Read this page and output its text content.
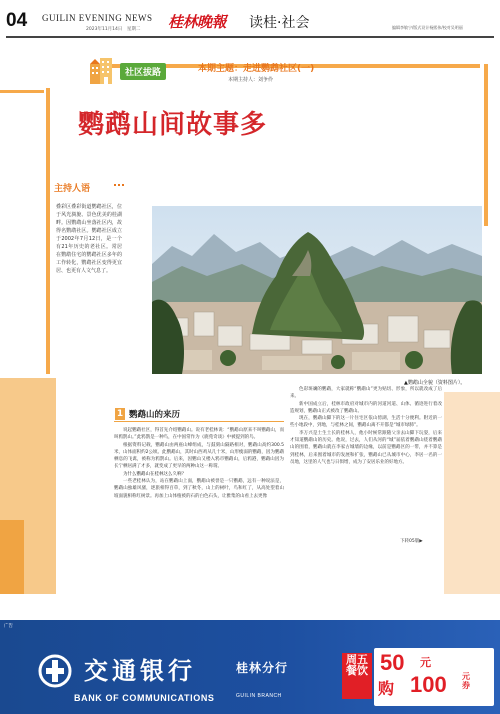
04 GUILIN EVENING NEWS
2023年11月14日　星期二 桂林晚報 读桂·社会	编辑李敏宁/版式设计杨熙伟/校对吴明丽
社区拔路	本期主题：走进鹦鹉社区(一)
本期主持人：刘争伶
鹦鹉山间故事多
主持人语
叠彩区叠彩街道鹦鹉社区，位于风光旖旎、景色优美的桂湖畔。因鹦鹉山坐落社区内，故得名鹦鹉社区。鹦鹉社区成立于2002年7月12日，是一个有21年历史的老社区。常居在鹦鹉住宅的鹦鹉社区多年的工作转化，鹦鹉社区变得更宜居、也更有人文气息了。
▲鹦鹉山全貌（资料图片）。
1 鹦鹉山的来历

说起鹦鹉社区，得首先介绍鹦鹉山。说有老桂林说：“鹦鹉山原来不叫鹦鹉山，而叫鸦鹊山。”此鸦鹊是一种鸟，在中国常作为《鹿苑奇谈》中被提到的鸟。

根据资料记载，鹦鹉山由两座山峰组成，与鼓刻山隔路相对，鹦鹉山高约300.5米，山体面积约2公顷。此鹦鹉山，其时山西鸡从几十米，山形瘦弱的鹦鹉，因为鹦鹉栖息的飞禽，被称为鸦鹊山。后来，因鹦山又楼入鸦市鹦鹉山，后鸦港，鹦鹉山因为长宁栖居满了才多，就变成了更早的两种山这一称谓。

为什么鹦鹉山在桂林这么久响？

一些老桂林认为，站在鹦鹉山上面，鹦鹉山被誉是一只鹦鹉，远有一种说法是，鹦鹉山独雄风骚，逐旅相得百草，到了秋冬，山上的树叶，鸟和红了，从高处望着山坡面貌相称红树景。再加上山体植被的石的白色石头，让雅集的山看上去更像

色彩斑斓的鹦鹉，大家就称“鹦鹉山”更为贴切、形象，所以就改成了后来。

新中国成立后，桂林市政府对城市内的河道河道、山体、循迹进行着改造规划，鹦鹉山正式被改了鹦鹉山。

现在，鹦鹉山脚下的这一片住宅区依山傍湖，生活十分便利。附近的一些小地段中，到地，与桂林之间，鹦鹉山离不开都是“城市绿肺”。

李万兴是土生土长的桂林人，他小时候常跟随父亲去山脚下玩耍，后来才知道鹦鹉山的历史。他说，过去，人们从河的“城”届依着鹦鹉山绕着鹦鹉山的围着，鹦鹉山就在李家古城墙的边缘，以前是鹦鹉区的一带，并不算是到桂林，后来围着城市的发展和扩张，鹦鹉山已从城市中心，李居一名的一员地，这里的人气也与日俱增，成为了安居乐业的好地方。

下转05版▶
广告
交通银行
BANK OF COMMUNICATIONS
桂林分行
GUILIN BRANCH
周五餐饮 50 元
购 100 元券
